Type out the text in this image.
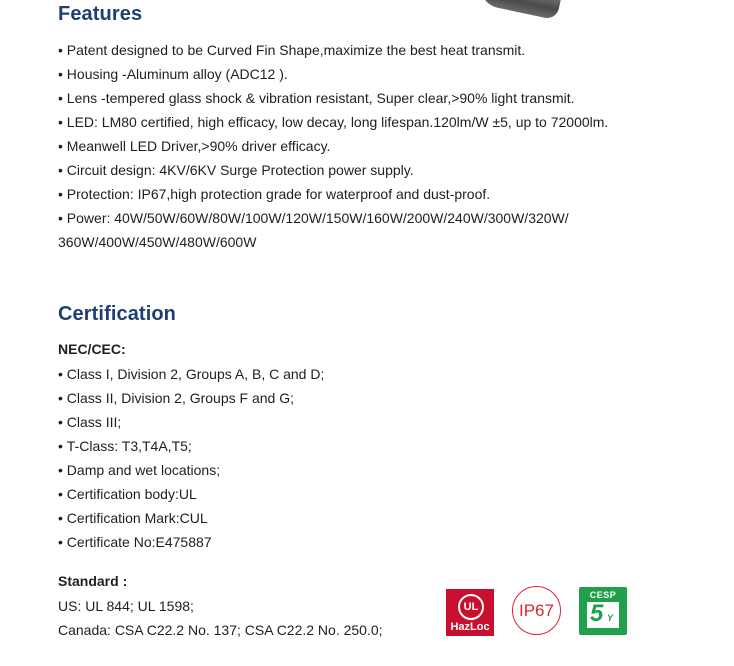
Features
• Patent designed to be Curved Fin Shape,maximize the best heat transmit.
• Housing -Aluminum alloy (ADC12 ).
• Lens -tempered glass shock & vibration resistant, Super clear,>90% light transmit.
• LED: LM80 certified, high efficacy, low decay, long lifespan.120lm/W ±5, up to 72000lm.
• Meanwell LED Driver,>90% driver efficacy.
• Circuit design: 4KV/6KV Surge Protection power supply.
• Protection: IP67,high protection grade for waterproof and dust-proof.
• Power: 40W/50W/60W/80W/100W/120W/150W/160W/200W/240W/300W/320W/
360W/400W/450W/480W/600W
Certification
NEC/CEC:
• Class I, Division 2, Groups A, B, C and D;
• Class II, Division 2, Groups F and G;
• Class III;
• T-Class: T3,T4A,T5;
• Damp and wet locations;
• Certification body:UL
• Certification Mark:CUL
• Certificate No:E475887
Standard :
US: UL 844; UL 1598;
Canada: CSA C22.2 No. 137; CSA C22.2 No. 250.0;
UL
HazLoc
IP67
CESP
5 Y
